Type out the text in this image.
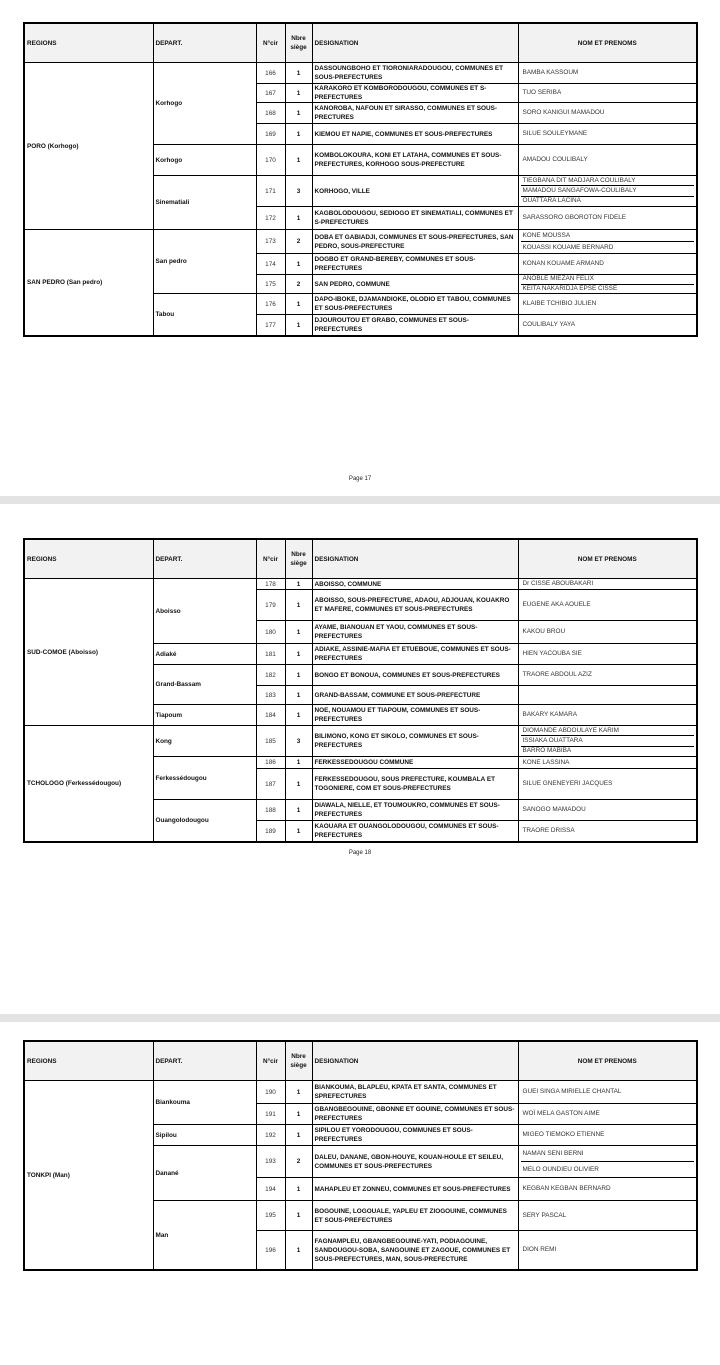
REGIONS	DEPART.	N°cir	Nbre
siège	DESIGNATION	NOM ET PRENOMS
PORO (Korhogo)	Korhogo	166	1	DASSOUNGBOHO ET TIORONIARADOUGOU, COMMUNES ET SOUS-PREFECTURES	BAMBA KASSOUM

		167	1	KARAKORO ET KOMBORODOUGOU, COMMUNES ET S-PREFECTURES	TUO SERIBA

		168	1	KANOROBA, NAFOUN ET SIRASSO, COMMUNES ET SOUS-PRECTURES	SORO KANIGUI MAMADOU

		169	1	KIEMOU ET NAPIE, COMMUNES ET SOUS-PREFECTURES	SILUE SOULEYMANE

	Korhogo	170	1	KOMBOLOKOURA, KONI ET LATAHA, COMMUNES ET SOUS-PREFECTURES, KORHOGO SOUS-PREFECTURE	AMADOU COULIBALY

	Sinematiali	171	3	KORHOGO, VILLE	TIEGBANA DIT MADJARA COULIBALY
MAMADOU SANGAFOWA-COULIBALY
OUATTARA LACINA

		172	1	KAGBOLODOUGOU, SEDIOGO ET SINEMATIALI, COMMUNES ET S-PREFECTURES	SARASSORO GBOROTON FIDELE

SAN PEDRO (San pedro)	San pedro	173	2	DOBA ET GABIADJI, COMMUNES ET SOUS-PREFECTURES, SAN PEDRO, SOUS-PREFECTURE	KONE MOUSSA
KOUASSI KOUAME BERNARD

		174	1	DOGBO ET GRAND-BEREBY, COMMUNES ET SOUS-PREFECTURES	KONAN KOUAME ARMAND

		175	2	SAN PEDRO, COMMUNE	ANOBLE MIEZAN FELIX
KEITA NAKARIDJA EPSE CISSE

	Tabou	176	1	DAPO-IBOKE, DJAMANDIOKE, OLODIO ET TABOU, COMMUNES ET SOUS-PREFECTURES	KLAIBE TCHIBIO JULIEN

		177	1	DJOUROUTOU ET GRABO, COMMUNES ET SOUS-PREFECTURES	COULIBALY YAYA
Page 17
REGIONS	DEPART.	N°cir	Nbre
siège	DESIGNATION	NOM ET PRENOMS
SUD-COMOE (Aboisso)	Aboisso	178	1	ABOISSO, COMMUNE	Dr CISSE ABOUBAKARI

		179	1	ABOISSO, SOUS-PREFECTURE, ADAOU, ADJOUAN, KOUAKRO ET MAFERE, COMMUNES ET SOUS-PREFECTURES	EUGENE AKA AOUELE

		180	1	AYAME, BIANOUAN ET YAOU, COMMUNES ET SOUS-PREFECTURES	KAKOU BROU

	Adiaké	181	1	ADIAKE, ASSINIE-MAFIA ET ETUEBOUE, COMMUNES ET SOUS-PREFECTURES	HIEN YACOUBA SIE

	Grand-Bassam	182	1	BONGO ET BONOUA, COMMUNES ET SOUS-PREFECTURES	TRAORE ABDOUL AZIZ

		183	1	GRAND-BASSAM, COMMUNE ET SOUS-PREFECTURE	

	Tiapoum	184	1	NOE, NOUAMOU ET TIAPOUM, COMMUNES ET SOUS-PREFECTURES	BAKARY KAMARA

TCHOLOGO (Ferkessédougou)	Kong	185	3	BILIMONO, KONG ET SIKOLO, COMMUNES ET SOUS-PREFECTURES	DIOMANDE ABDOULAYE KARIM
ISSIAKA OUATTARA
BARRO MABIBA

	Ferkessédougou	186	1	FERKESSEDOUGOU COMMUNE	KONE LASSINA

		187	1	FERKESSEDOUGOU, SOUS PREFECTURE, KOUMBALA ET TOGONIERE, COM ET SOUS-PREFECTURES	SILUE GNENEYERI JACQUES

	Ouangolodougou	188	1	DIAWALA, NIELLE, ET TOUMOUKRO, COMMUNES ET SOUS-PREFECTURES	SANOGO MAMADOU

		189	1	KAOUARA ET OUANGOLODOUGOU, COMMUNES ET SOUS-PREFECTURES	TRAORE DRISSA
Page 18
REGIONS	DEPART.	N°cir	Nbre
siège	DESIGNATION	NOM ET PRENOMS
TONKPI (Man)	Biankouma	190	1	BIANKOUMA, BLAPLEU, KPATA ET SANTA, COMMUNES ET SPREFECTURES	GUEI SINGA MIRIELLE CHANTAL

		191	1	GBANGBEGOUINE, GBONNE ET GOUINE, COMMUNES ET SOUS-PREFECTURES	WOÏ MELA GASTON AIME

	Sipilou	192	1	SIPILOU ET YORODOUGOU, COMMUNES ET SOUS-PREFECTURES	MIGEO TIEMOKO ETIENNE

	Danané	193	2	DALEU, DANANE, GBON-HOUYE, KOUAN-HOULE ET SEILEU, COMMUNES ET SOUS-PREFECTURES	NAMAN SENI BERNI
MELO OUNDIEU OLIVIER

		194	1	MAHAPLEU ET ZONNEU, COMMUNES ET SOUS-PREFECTURES	KEGBAN KEGBAN BERNARD

	Man	195	1	BOGOUINE, LOGOUALE, YAPLEU ET ZIOGOUINE, COMMUNES ET SOUS-PREFECTURES	SERY PASCAL

		196	1	FAGNAMPLEU, GBANGBEGOUINE-YATI, PODIAGOUINE, SANDOUGOU-SOBA, SANGOUINE ET ZAGOUE, COMMUNES ET SOUS-PREFECTURES, MAN, SOUS-PREFECTURE	DION REMI
